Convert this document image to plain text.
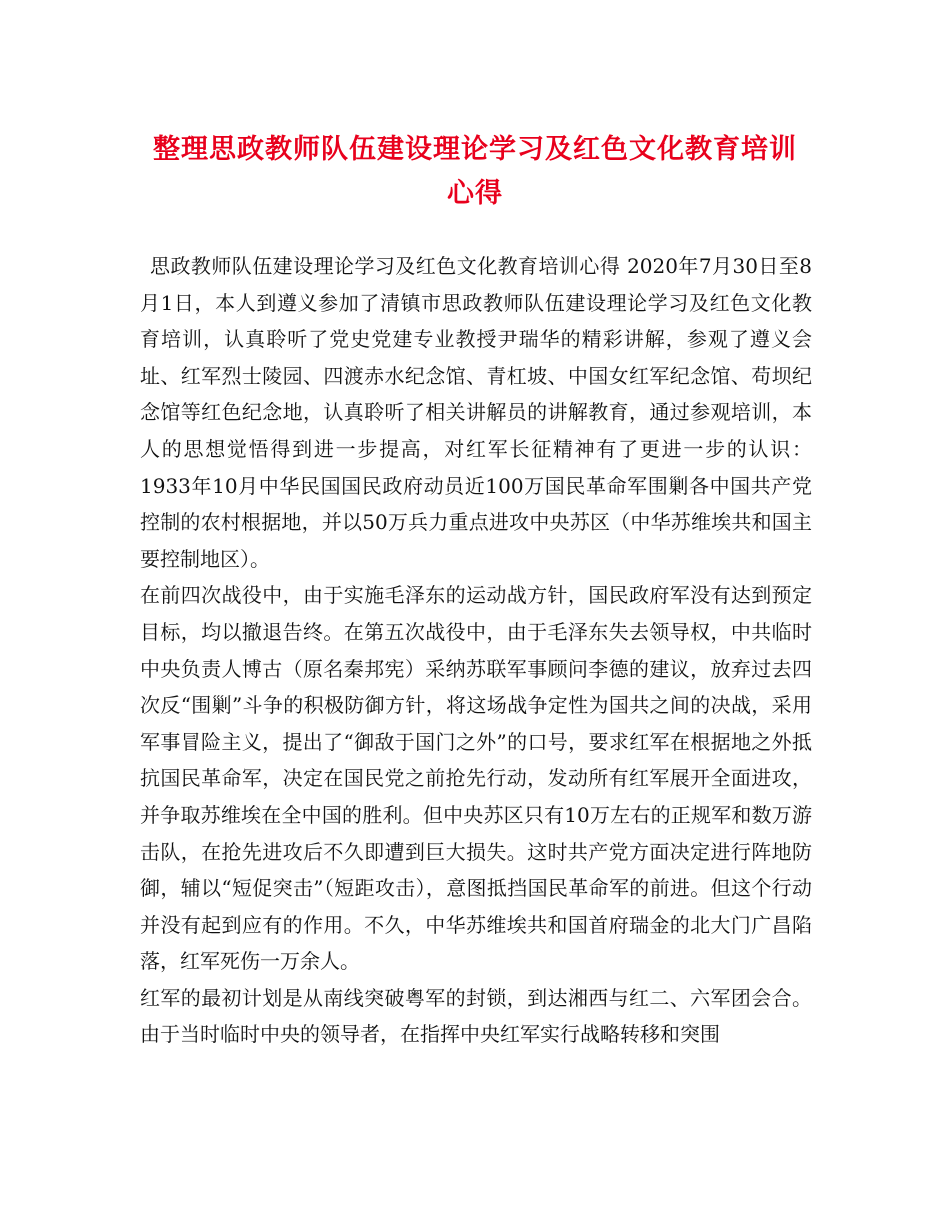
整理思政教师队伍建设理论学习及红色文化教育培训心得

思政教师队伍建设理论学习及红色文化教育培训心得 2020年7月30日至8月1日，本人到遵义参加了清镇市思政教师队伍建设理论学习及红色文化教育培训，认真聆听了党史党建专业教授尹瑞华的精彩讲解，参观了遵义会址、红军烈士陵园、四渡赤水纪念馆、青杠坡、中国女红军纪念馆、苟坝纪念馆等红色纪念地，认真聆听了相关讲解员的讲解教育，通过参观培训，本人的思想觉悟得到进一步提高，对红军长征精神有了更进一步的认识： 1933年10月中华民国国民政府动员近100万国民革命军围剿各中国共产党控制的农村根据地，并以50万兵力重点进攻中央苏区（中华苏维埃共和国主要控制地区）。

在前四次战役中，由于实施毛泽东的运动战方针，国民政府军没有达到预定目标，均以撤退告终。在第五次战役中，由于毛泽东失去领导权，中共临时中央负责人博古（原名秦邦宪）采纳苏联军事顾问李德的建议，放弃过去四次反“围剿”斗争的积极防御方针，将这场战争定性为国共之间的决战，采用军事冒险主义，提出了“御敌于国门之外”的口号，要求红军在根据地之外抵抗国民革命军，决定在国民党之前抢先行动，发动所有红军展开全面进攻，并争取苏维埃在全中国的胜利。但中央苏区只有10万左右的正规军和数万游击队，在抢先进攻后不久即遭到巨大损失。这时共产党方面决定进行阵地防御，辅以“短促突击”（短距攻击），意图抵挡国民革命军的前进。但这个行动并没有起到应有的作用。不久，中华苏维埃共和国首府瑞金的北大门广昌陷落，红军死伤一万余人。

红军的最初计划是从南线突破粤军的封锁，到达湘西与红二、六军团会合。由于当时临时中央的领导者，在指挥中央红军实行战略转移和突围
